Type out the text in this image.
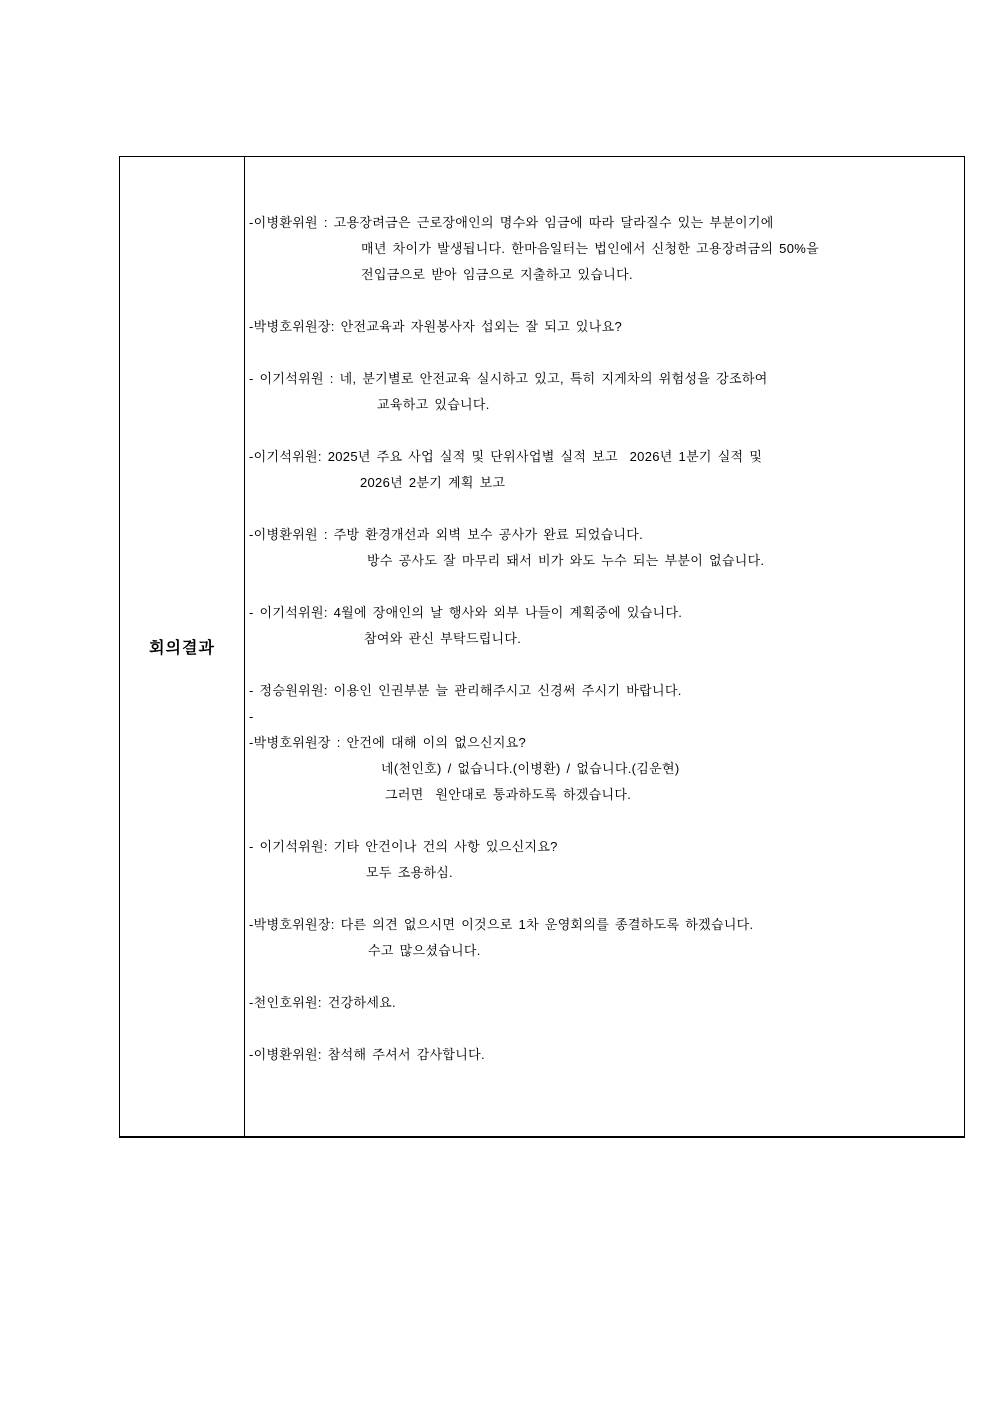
회의결과
-이병환위원 : 고용장려금은 근로장애인의 명수와 임금에 따라 달라질수 있는 부분이기에
매년 차이가 발생됩니다. 한마음일터는 법인에서 신청한 고용장려금의 50%을
전입금으로 받아 임금으로 지출하고 있습니다.
-박병호위원장: 안전교육과 자원봉사자 섭외는 잘 되고 있나요?
- 이기석위원 : 네, 분기별로 안전교육 실시하고 있고, 특히 지게차의 위험성을 강조하여
교육하고 있습니다.
-이기석위원: 2025년 주요 사업 실적 및 단위사업별 실적 보고  2026년 1분기 실적 및
2026년 2분기 계획 보고
-이병환위원 : 주방 환경개선과 외벽 보수 공사가 완료 되었습니다.
방수 공사도 잘 마무리 돼서 비가 와도 누수 되는 부분이 없습니다.
- 이기석위원: 4월에 장애인의 날 행사와 외부 나들이 계획중에 있습니다.
참여와 관신 부탁드립니다.
- 정승원위원: 이용인 인권부분 늘 관리해주시고 신경써 주시기 바랍니다.
-
-박병호위원장 : 안건에 대해 이의 없으신지요?
네(천인호) / 없습니다.(이병환) / 없습니다.(김운현)
그러면  원안대로 통과하도록 하겠습니다.
- 이기석위원: 기타 안건이나 건의 사항 있으신지요?
모두 조용하심.
-박병호위원장: 다른 의견 없으시면 이것으로 1차 운영회의를 종결하도록 하겠습니다.
수고 많으셨습니다.
-천인호위원: 건강하세요.
-이병환위원: 참석해 주셔서 감사합니다.
